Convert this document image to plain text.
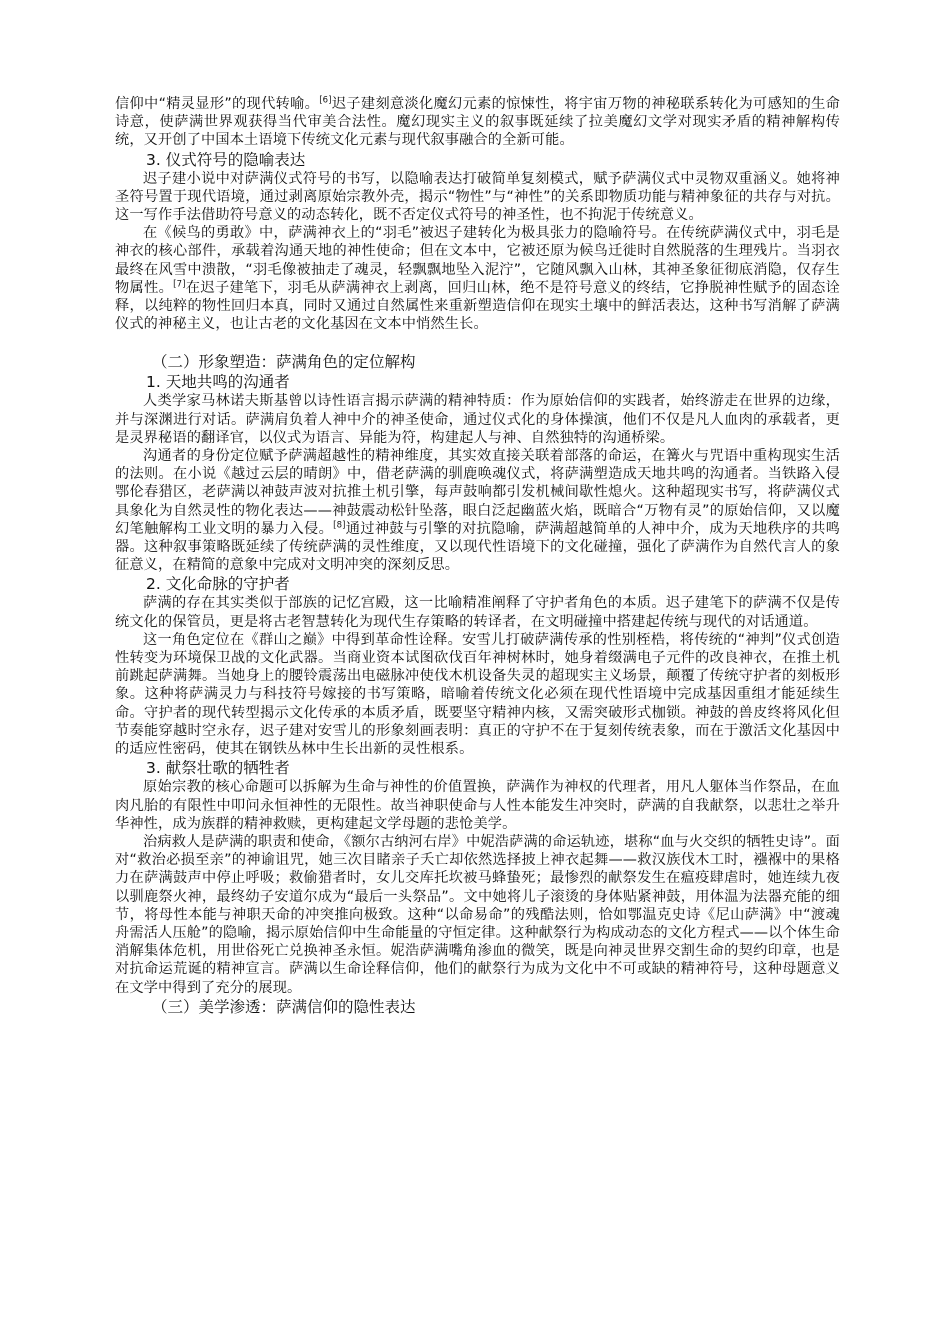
信仰中“精灵显形”的现代转喻。[6]迟子建刻意淡化魔幻元素的惊悚性，将宇宙万物的神秘联系转化为可感知的生命诗意，使萨满世界观获得当代审美合法性。魔幻现实主义的叙事既延续了拉美魔幻文学对现实矛盾的精神解构传统，又开创了中国本土语境下传统文化元素与现代叙事融合的全新可能。

3. 仪式符号的隐喻表达

迟子建小说中对萨满仪式符号的书写，以隐喻表达打破简单复刻模式，赋予萨满仪式中灵物双重涵义。她将神圣符号置于现代语境，通过剥离原始宗教外壳，揭示“物性”与“神性”的关系即物质功能与精神象征的共存与对抗。这一写作手法借助符号意义的动态转化，既不否定仪式符号的神圣性，也不拘泥于传统意义。

在《候鸟的勇敢》中，萨满神衣上的“羽毛”被迟子建转化为极具张力的隐喻符号。在传统萨满仪式中，羽毛是神衣的核心部件，承载着沟通天地的神性使命；但在文本中，它被还原为候鸟迁徙时自然脱落的生理残片。当羽衣最终在风雪中溃散，“羽毛像被抽走了魂灵，轻飘飘地坠入泥泞”，它随风飘入山林，其神圣象征彻底消隐，仅存生物属性。[7]在迟子建笔下，羽毛从萨满神衣上剥离，回归山林，绝不是符号意义的终结，它挣脱神性赋予的固态诠释，以纯粹的物性回归本真，同时又通过自然属性来重新塑造信仰在现实土壤中的鲜活表达，这种书写消解了萨满仪式的神秘主义，也让古老的文化基因在文本中悄然生长。

（二）形象塑造：萨满角色的定位解构
1. 天地共鸣的沟通者

人类学家马林诺夫斯基曾以诗性语言揭示萨满的精神特质：作为原始信仰的实践者，始终游走在世界的边缘，并与深渊进行对话。萨满肩负着人神中介的神圣使命，通过仪式化的身体操演，他们不仅是凡人血肉的承载者，更是灵界秘语的翻译官，以仪式为语言、异能为符，构建起人与神、自然独特的沟通桥梁。

沟通者的身份定位赋予萨满超越性的精神维度，其实效直接关联着部落的命运，在篝火与咒语中重构现实生活的法则。在小说《越过云层的晴朗》中，借老萨满的驯鹿唤魂仪式，将萨满塑造成天地共鸣的沟通者。当铁路入侵鄂伦春猎区，老萨满以神鼓声波对抗推土机引擎，每声鼓响都引发机械间歇性熄火。这种超现实书写，将萨满仪式具象化为自然灵性的物化表达——神鼓震动松针坠落，眼白泛起幽蓝火焰，既暗合“万物有灵”的原始信仰，又以魔幻笔触解构工业文明的暴力入侵。[8]通过神鼓与引擎的对抗隐喻，萨满超越简单的人神中介，成为天地秩序的共鸣器。这种叙事策略既延续了传统萨满的灵性维度，又以现代性语境下的文化碰撞，强化了萨满作为自然代言人的象征意义，在精简的意象中完成对文明冲突的深刻反思。

2. 文化命脉的守护者

萨满的存在其实类似于部族的记忆宫殿，这一比喻精准阐释了守护者角色的本质。迟子建笔下的萨满不仅是传统文化的保管员，更是将古老智慧转化为现代生存策略的转译者，在文明碰撞中搭建起传统与现代的对话通道。

这一角色定位在《群山之巅》中得到革命性诠释。安雪儿打破萨满传承的性别桎梏，将传统的“神判”仪式创造性转变为环境保卫战的文化武器。当商业资本试图砍伐百年神树林时，她身着缀满电子元件的改良神衣，在推土机前跳起萨满舞。当她身上的腰铃震荡出电磁脉冲使伐木机设备失灵的超现实主义场景，颠覆了传统守护者的刻板形象。这种将萨满灵力与科技符号嫁接的书写策略，暗喻着传统文化必须在现代性语境中完成基因重组才能延续生命。守护者的现代转型揭示文化传承的本质矛盾，既要坚守精神内核，又需突破形式枷锁。神鼓的兽皮终将风化但节奏能穿越时空永存，迟子建对安雪儿的形象刻画表明：真正的守护不在于复刻传统表象，而在于激活文化基因中的适应性密码，使其在钢铁丛林中生长出新的灵性根系。

3. 献祭壮歌的牺牲者

原始宗教的核心命题可以拆解为生命与神性的价值置换，萨满作为神权的代理者，用凡人躯体当作祭品，在血肉凡胎的有限性中叩问永恒神性的无限性。故当神职使命与人性本能发生冲突时，萨满的自我献祭，以悲壮之举升华神性，成为族群的精神救赎，更构建起文学母题的悲怆美学。

治病救人是萨满的职责和使命，《额尔古纳河右岸》中妮浩萨满的命运轨迹，堪称“血与火交织的牺牲史诗”。面对“救治必损至亲”的神谕诅咒，她三次目睹亲子夭亡却依然选择披上神衣起舞——救汉族伐木工时，襁褓中的果格力在萨满鼓声中停止呼吸；救偷猎者时，女儿交库托坎被马蜂蛰死；最惨烈的献祭发生在瘟疫肆虐时，她连续九夜以驯鹿祭火神，最终幼子安道尔成为“最后一头祭品”。文中她将儿子滚烫的身体贴紧神鼓，用体温为法器充能的细节，将母性本能与神职天命的冲突推向极致。这种“以命易命”的残酷法则，恰如鄂温克史诗《尼山萨满》中“渡魂舟需活人压舱”的隐喻，揭示原始信仰中生命能量的守恒定律。这种献祭行为构成动态的文化方程式——以个体生命消解集体危机，用世俗死亡兑换神圣永恒。妮浩萨满嘴角渗血的微笑，既是向神灵世界交割生命的契约印章，也是对抗命运荒诞的精神宣言。萨满以生命诠释信仰，他们的献祭行为成为文化中不可或缺的精神符号，这种母题意义在文学中得到了充分的展现。

（三）美学渗透：萨满信仰的隐性表达
